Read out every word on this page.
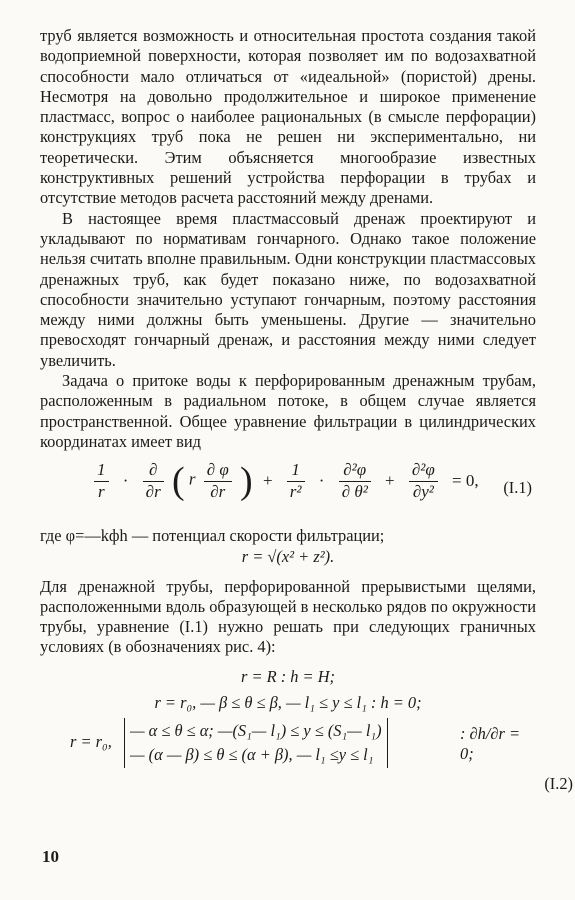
труб является возможность и относительная простота создания такой водоприемной поверхности, которая позволяет им по водозахватной способности мало отличаться от «идеальной» (пористой) дрены. Несмотря на довольно продолжительное и широкое применение пластмасс, вопрос о наиболее рациональных (в смысле перфорации) конструкциях труб пока не решен ни экспериментально, ни теоретически. Этим объясняется многообразие известных конструктивных решений устройства перфорации в трубах и отсутствие методов расчета расстояний между дренами.

В настоящее время пластмассовый дренаж проектируют и укладывают по нормативам гончарного. Однако такое положение нельзя считать вполне правильным. Одни конструкции пластмассовых дренажных труб, как будет показано ниже, по водозахватной способности значительно уступают гончарным, поэтому расстояния между ними должны быть уменьшены. Другие — значительно превосходят гончарный дренаж, и расстояния между ними следует увеличить.

Задача о притоке воды к перфорированным дренажным трубам, расположенным в радиальном потоке, в общем случае является пространственной. Общее уравнение фильтрации в цилиндрических координатах имеет вид

$\frac{1}{r} \cdot \frac{\partial}{\partial r}$ ( r $\frac{\partial \varphi}{\partial r}$ ) + $\frac{1}{\text{r²}} \cdot \frac{\text{∂²φ}}{\text{∂ θ²}} + \frac{\text{∂²φ}}{\text{∂y²}} = 0$,	(I.1)

где φ=—kфh — потенциал скорости фильтрации;

r = √(x² + z²).

Для дренажной трубы, перфорированной прерывистыми щелями, расположенными вдоль образующей в несколько рядов по окружности трубы, уравнение (I.1) нужно решать при следующих граничных условиях (в обозначениях рис. 4):

r = R : h = H;
r = r₀, — β ≤ θ ≤ β, — l₁ ≤ y ≤ l₁ : h = 0;
r = r₀,
— α ≤ θ ≤ α; —(S₁— l₁) ≤ y ≤ (S₁— l₁)
— (α — β) ≤ θ ≤ (α + β), — l₁ ≤y ≤ l₁
: ∂h/∂r = 0;
(I.2)
10
